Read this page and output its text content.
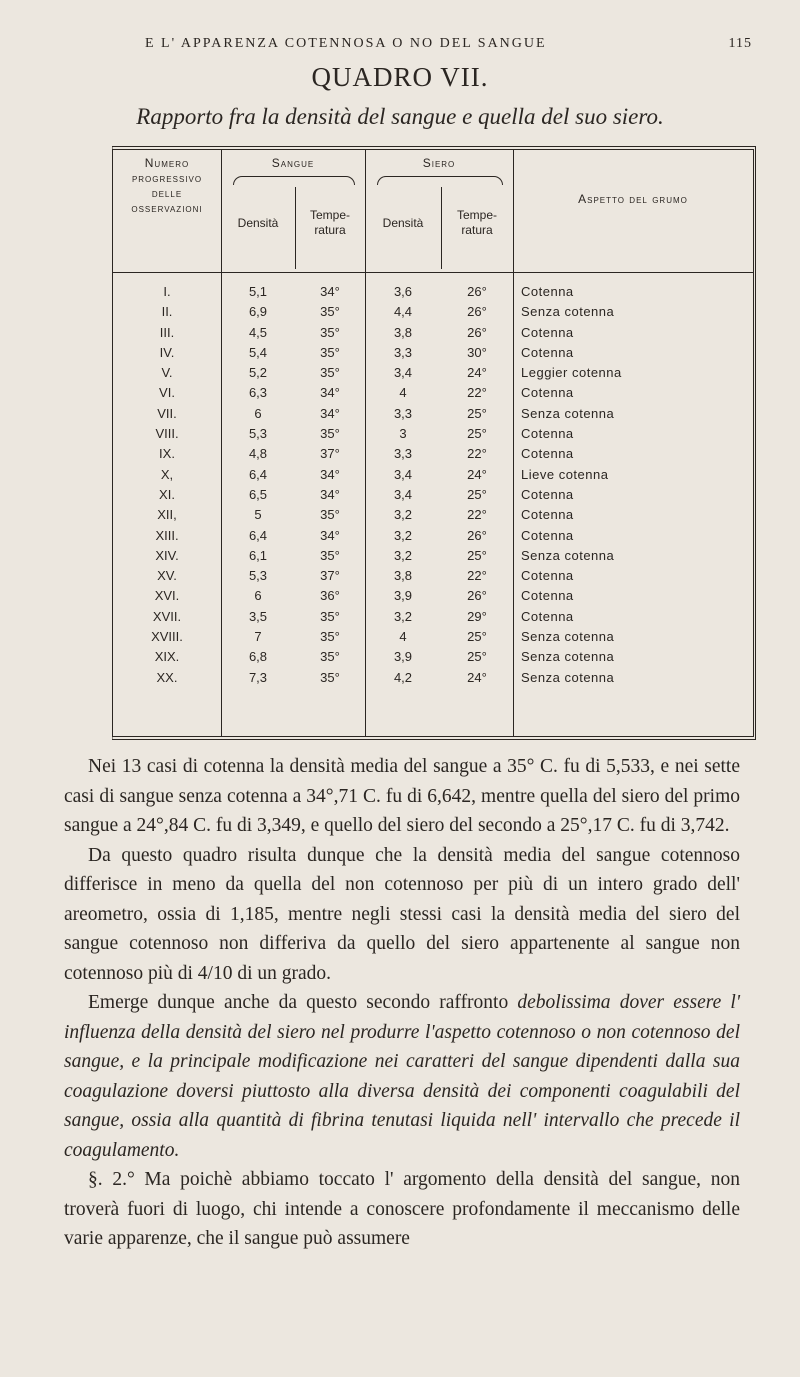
E L' APPARENZA COTENNOSA O NO DEL SANGUE	115
QUADRO VII.
Rapporto fra la densità del sangue e quella del suo siero.
Numero
progressivo
delle
osservazioni
Sangue
Densità
Tempe-
ratura
Siero
Densità
Tempe-
ratura
Aspetto del grumo
I.	5,1	34°	3,6	26°	Cotenna
II.	6,9	35°	4,4	26°	Senza cotenna
III.	4,5	35°	3,8	26°	Cotenna
IV.	5,4	35°	3,3	30°	Cotenna
V.	5,2	35°	3,4	24°	Leggier cotenna
VI.	6,3	34°	4	22°	Cotenna
VII.	6	34°	3,3	25°	Senza cotenna
VIII.	5,3	35°	3	25°	Cotenna
IX.	4,8	37°	3,3	22°	Cotenna
X,	6,4	34°	3,4	24°	Lieve cotenna
XI.	6,5	34°	3,4	25°	Cotenna
XII,	5	35°	3,2	22°	Cotenna
XIII.	6,4	34°	3,2	26°	Cotenna
XIV.	6,1	35°	3,2	25°	Senza cotenna
XV.	5,3	37°	3,8	22°	Cotenna
XVI.	6	36°	3,9	26°	Cotenna
XVII.	3,5	35°	3,2	29°	Cotenna
XVIII.	7	35°	4	25°	Senza cotenna
XIX.	6,8	35°	3,9	25°	Senza cotenna
XX.	7,3	35°	4,2	24°	Senza cotenna

Nei 13 casi di cotenna la densità media del sangue a 35° C. fu di 5,533, e nei sette casi di sangue senza cotenna a 34°,71 C. fu di 6,642, mentre quella del siero del primo sangue a 24°,84 C. fu di 3,349, e quello del siero del secondo a 25°,17 C. fu di 3,742.

Da questo quadro risulta dunque che la densità media del sangue cotennoso differisce in meno da quella del non cotennoso per più di un intero grado dell' areometro, ossia di 1,185, mentre negli stessi casi la densità media del siero del sangue cotennoso non differiva da quello del siero appartenente al sangue non cotennoso più di 4/10 di un grado.

Emerge dunque anche da questo secondo raffronto debolissima dover essere l' influenza della densità del siero nel produrre l'aspetto cotennoso o non cotennoso del sangue, e la principale modificazione nei caratteri del sangue dipendenti dalla sua coagulazione doversi piuttosto alla diversa densità dei componenti coagulabili del sangue, ossia alla quantità di fibrina tenutasi liquida nell' intervallo che precede il coagulamento.

§. 2.° Ma poichè abbiamo toccato l' argomento della densità del sangue, non troverà fuori di luogo, chi intende a conoscere profondamente il meccanismo delle varie apparenze, che il sangue può assumere
